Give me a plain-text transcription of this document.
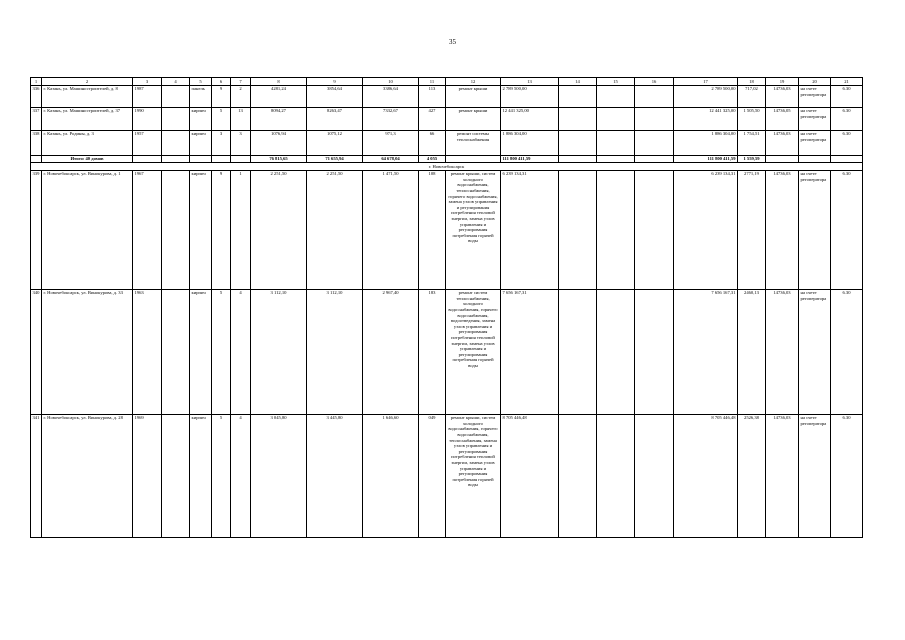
35
1	2	3	4	5	6	7	8	9	10	11	12	13	14	15	16	17	18	19	20	21
336	г. Казань, ул. Машиностроителей, д. 8	1987		панель	9	2	4281,24	3854,64	3386,64	113	ремонт крыши	2 789 500,00				2 789 500,00	717,02	14736,03	на счете регоператора	6.30
337	г. Казань, ул. Машиностроителей, д. 37	1990		кирпич	5	13	8094,27	8263,47	7332,67	427	ремонт крыши	12 441 325,00				12 441 325,00	1 505,50	14736,05	на счете регоператора	6.30
338	г. Казань, ул. Родины, д. 3	1957		кирпич	3	3	1076,94	1075,12	971,3	66	ремонт системы теплоснабжения	1 886 304,00				1 886 304,00	1 754,51	14736,03	на счете регоператора	6.30
	Итого: 40 домов						76 815,65	71 655,94	64 678,04	4 055		111 800 411,59				111 800 411,59	1 559,59			
г. Новочебоксарск																				
339	г. Новочебоксарск, ул. Винокурова, д. 1	1967		кирпич	9	1	2 251,50	2 251,50	1 471,50	108	ремонт крыши, систем холодного водоснабжения, теплоснабжения, горячего водоснабжения, замена узлов управления и регулирования потребления тепловой энергии, замена узлов управления и регулирования потребления горячей воды	6 239 134,31				6 239 134,31	2771,19	14736,03	на счете регоператора	6.30
340	г. Новочебоксарск, ул. Винокурова, д. 33	1963		кирпич	5	4	3 112,10	3 112,10	2 967,40	183	ремонт систем теплоснабжения, холодного водоснабжения, горячего водоснабжения, водоотведения, замена узлов управления и регулирования потребления тепловой энергии, замена узлов управления и регулирования потребления горячей воды	7 656 167,31				7 656 167,31	2460,13	14736,03	на счете регоператора	6.30
341	г. Новочебоксарск, ул. Винокурова, д. 28	1969		кирпич	5	4	3 045,80	3 445,80	1 646,60	049	ремонт крыши, систем холодного водоснабжения, горячего водоснабжения, теплоснабжения, замена узлов управления и регулирования потребления тепловой энергии, замена узлов управления и регулирования потребления горячей воды	8 705 446,48				8 705 446,48	2526,38	14736,03	на счете регоператора	6.30
